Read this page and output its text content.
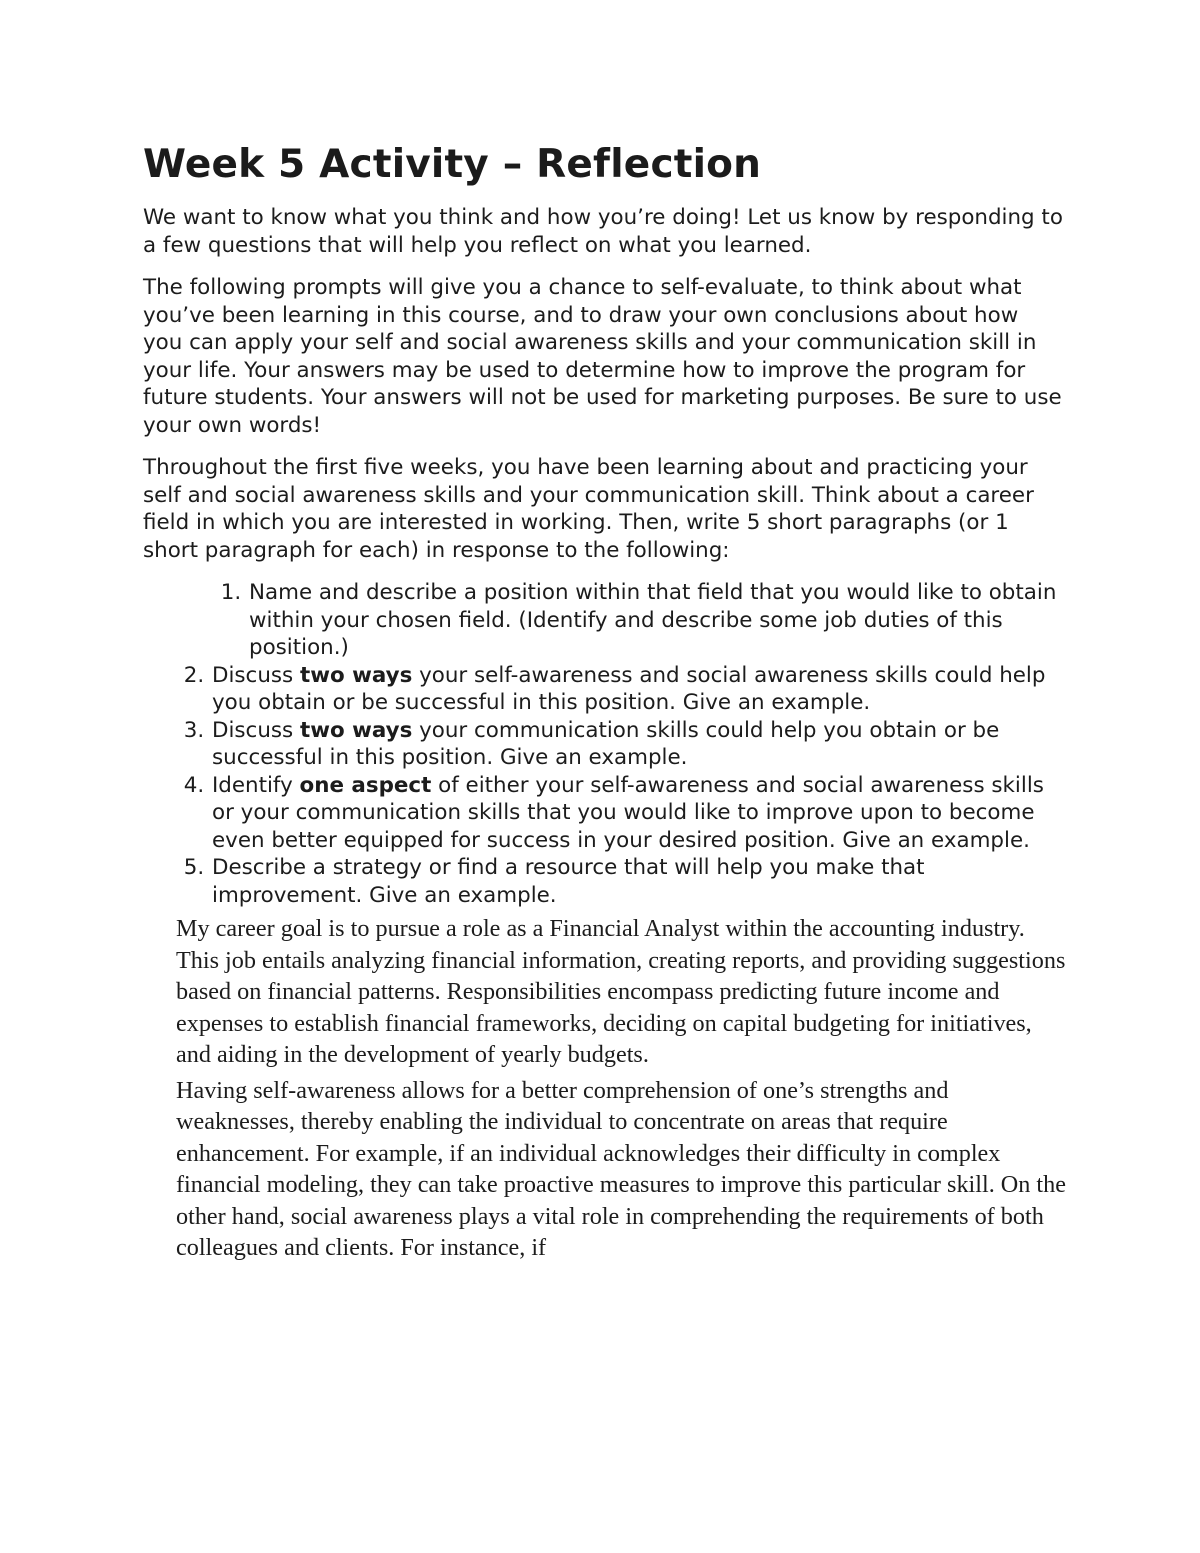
Week 5 Activity – Reflection

We want to know what you think and how you’re doing! Let us know by responding to a few questions that will help you reflect on what you learned.

The following prompts will give you a chance to self-evaluate, to think about what you’ve been learning in this course, and to draw your own conclusions about how you can apply your self and social awareness skills and your communication skill in your life. Your answers may be used to determine how to improve the program for future students. Your answers will not be used for marketing purposes. Be sure to use your own words!

Throughout the first five weeks, you have been learning about and practicing your self and social awareness skills and your communication skill. Think about a career field in which you are interested in working. Then, write 5 short paragraphs (or 1 short paragraph for each) in response to the following:

1. Name and describe a position within that field that you would like to obtain within your chosen field. (Identify and describe some job duties of this position.)
2. Discuss two ways your self-awareness and social awareness skills could help you obtain or be successful in this position. Give an example.
3. Discuss two ways your communication skills could help you obtain or be successful in this position. Give an example.
4. Identify one aspect of either your self-awareness and social awareness skills or your communication skills that you would like to improve upon to become even better equipped for success in your desired position. Give an example.
5. Describe a strategy or find a resource that will help you make that improvement. Give an example.

My career goal is to pursue a role as a Financial Analyst within the accounting industry. This job entails analyzing financial information, creating reports, and providing suggestions based on financial patterns. Responsibilities encompass predicting future income and expenses to establish financial frameworks, deciding on capital budgeting for initiatives, and aiding in the development of yearly budgets.

Having self-awareness allows for a better comprehension of one’s strengths and weaknesses, thereby enabling the individual to concentrate on areas that require enhancement. For example, if an individual acknowledges their difficulty in complex financial modeling, they can take proactive measures to improve this particular skill. On the other hand, social awareness plays a vital role in comprehending the requirements of both colleagues and clients. For instance, if
